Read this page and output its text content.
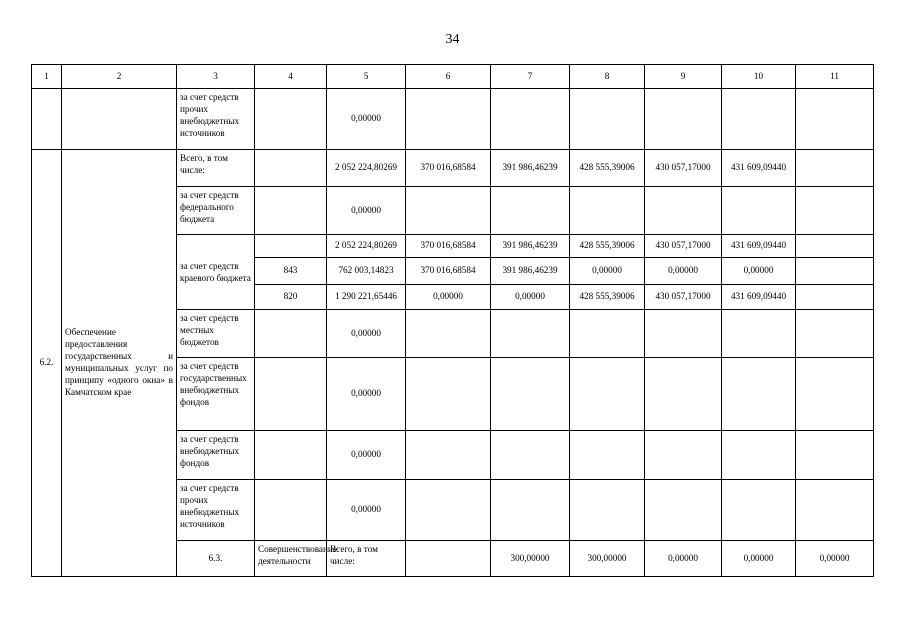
34
1	2	3	4	5	6	7	8	9	10	11	
		за счет средств прочих внебюджетных источников		0,00000							
6.2.	Обеспечение предоставления государственных и муниципальных услуг по принципу «одного окна» в Камчатском крае	Всего, в том числе:		2 052 224,80269	370 016,68584	391 986,46239	428 555,39006	430 057,17000	431 609,09440		
		за счет средств федерального бюджета		0,00000							
		за счет средств краевого бюджета		2 052 224,80269	370 016,68584	391 986,46239	428 555,39006	430 057,17000	431 609,09440		
			843	762 003,14823	370 016,68584	391 986,46239	0,00000	0,00000	0,00000		
			820	1 290 221,65446	0,00000	0,00000	428 555,39006	430 057,17000	431 609,09440		
		за счет средств местных бюджетов		0,00000							
		за счет средств государственных внебюджетных фондов		0,00000							
		за счет средств внебюджетных фондов		0,00000							
		за счет средств прочих внебюджетных источников		0,00000							
		6.3.	Совершенствование деятельности	Всего, в том числе:		300,00000	300,00000	0,00000	0,00000	0,00000		
